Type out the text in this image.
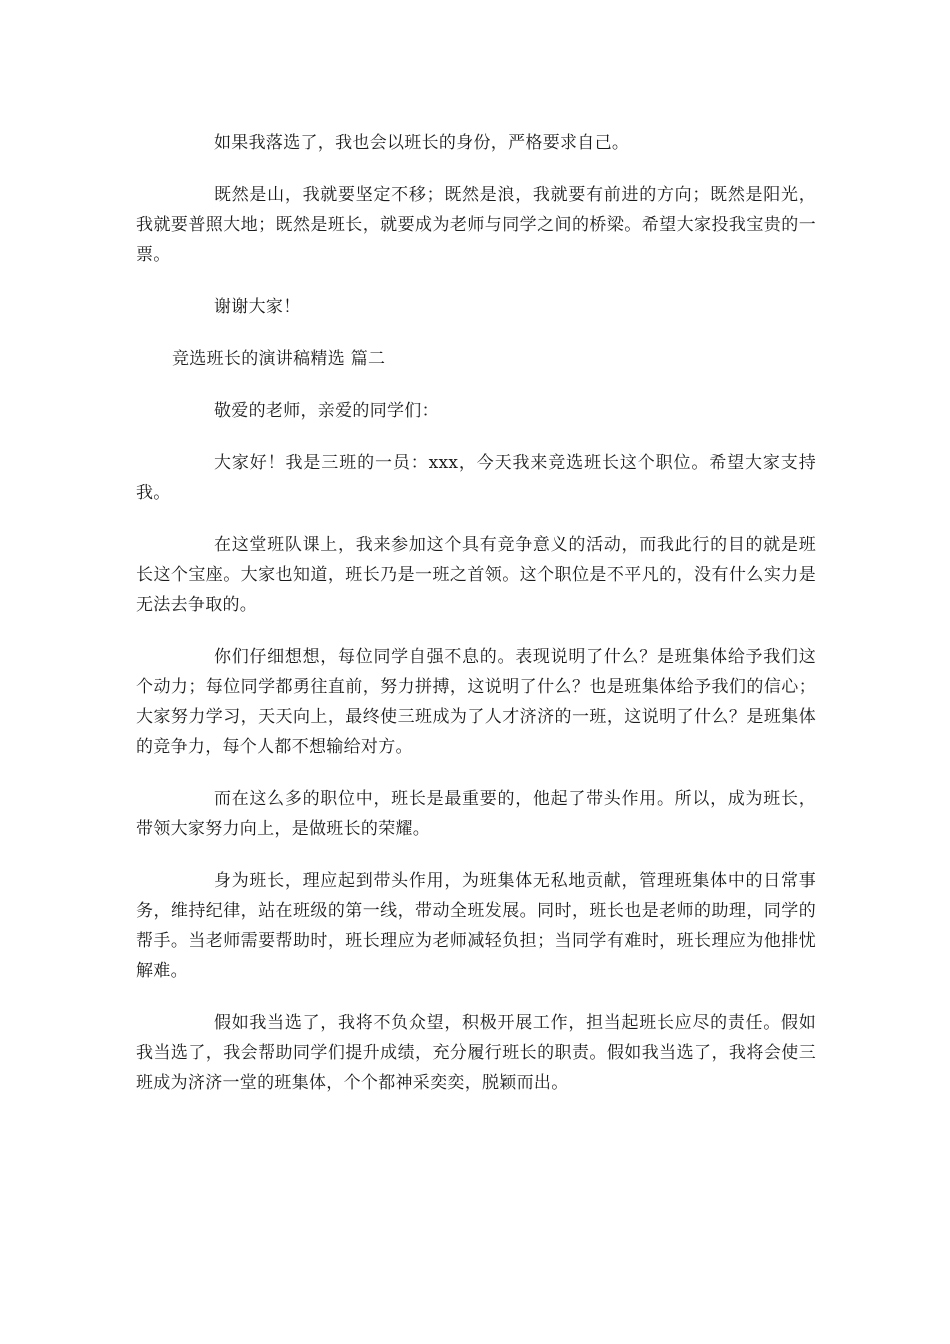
如果我落选了，我也会以班长的身份，严格要求自己。

既然是山，我就要坚定不移；既然是浪，我就要有前进的方向；既然是阳光，我就要普照大地；既然是班长，就要成为老师与同学之间的桥梁。希望大家投我宝贵的一票。

谢谢大家！

竞选班长的演讲稿精选 篇二

敬爱的老师，亲爱的同学们：

大家好！我是三班的一员：xxx，今天我来竞选班长这个职位。希望大家支持我。

在这堂班队课上，我来参加这个具有竞争意义的活动，而我此行的目的就是班长这个宝座。大家也知道，班长乃是一班之首领。这个职位是不平凡的，没有什么实力是无法去争取的。

你们仔细想想，每位同学自强不息的。表现说明了什么？是班集体给予我们这个动力；每位同学都勇往直前，努力拼搏，这说明了什么？也是班集体给予我们的信心；大家努力学习，天天向上，最终使三班成为了人才济济的一班，这说明了什么？是班集体的竞争力，每个人都不想输给对方。

而在这么多的职位中，班长是最重要的，他起了带头作用。所以，成为班长，带领大家努力向上，是做班长的荣耀。

身为班长，理应起到带头作用，为班集体无私地贡献，管理班集体中的日常事务，维持纪律，站在班级的第一线，带动全班发展。同时，班长也是老师的助理，同学的帮手。当老师需要帮助时，班长理应为老师减轻负担；当同学有难时，班长理应为他排忧解难。

假如我当选了，我将不负众望，积极开展工作，担当起班长应尽的责任。假如我当选了，我会帮助同学们提升成绩，充分履行班长的职责。假如我当选了，我将会使三班成为济济一堂的班集体，个个都神采奕奕，脱颖而出。
